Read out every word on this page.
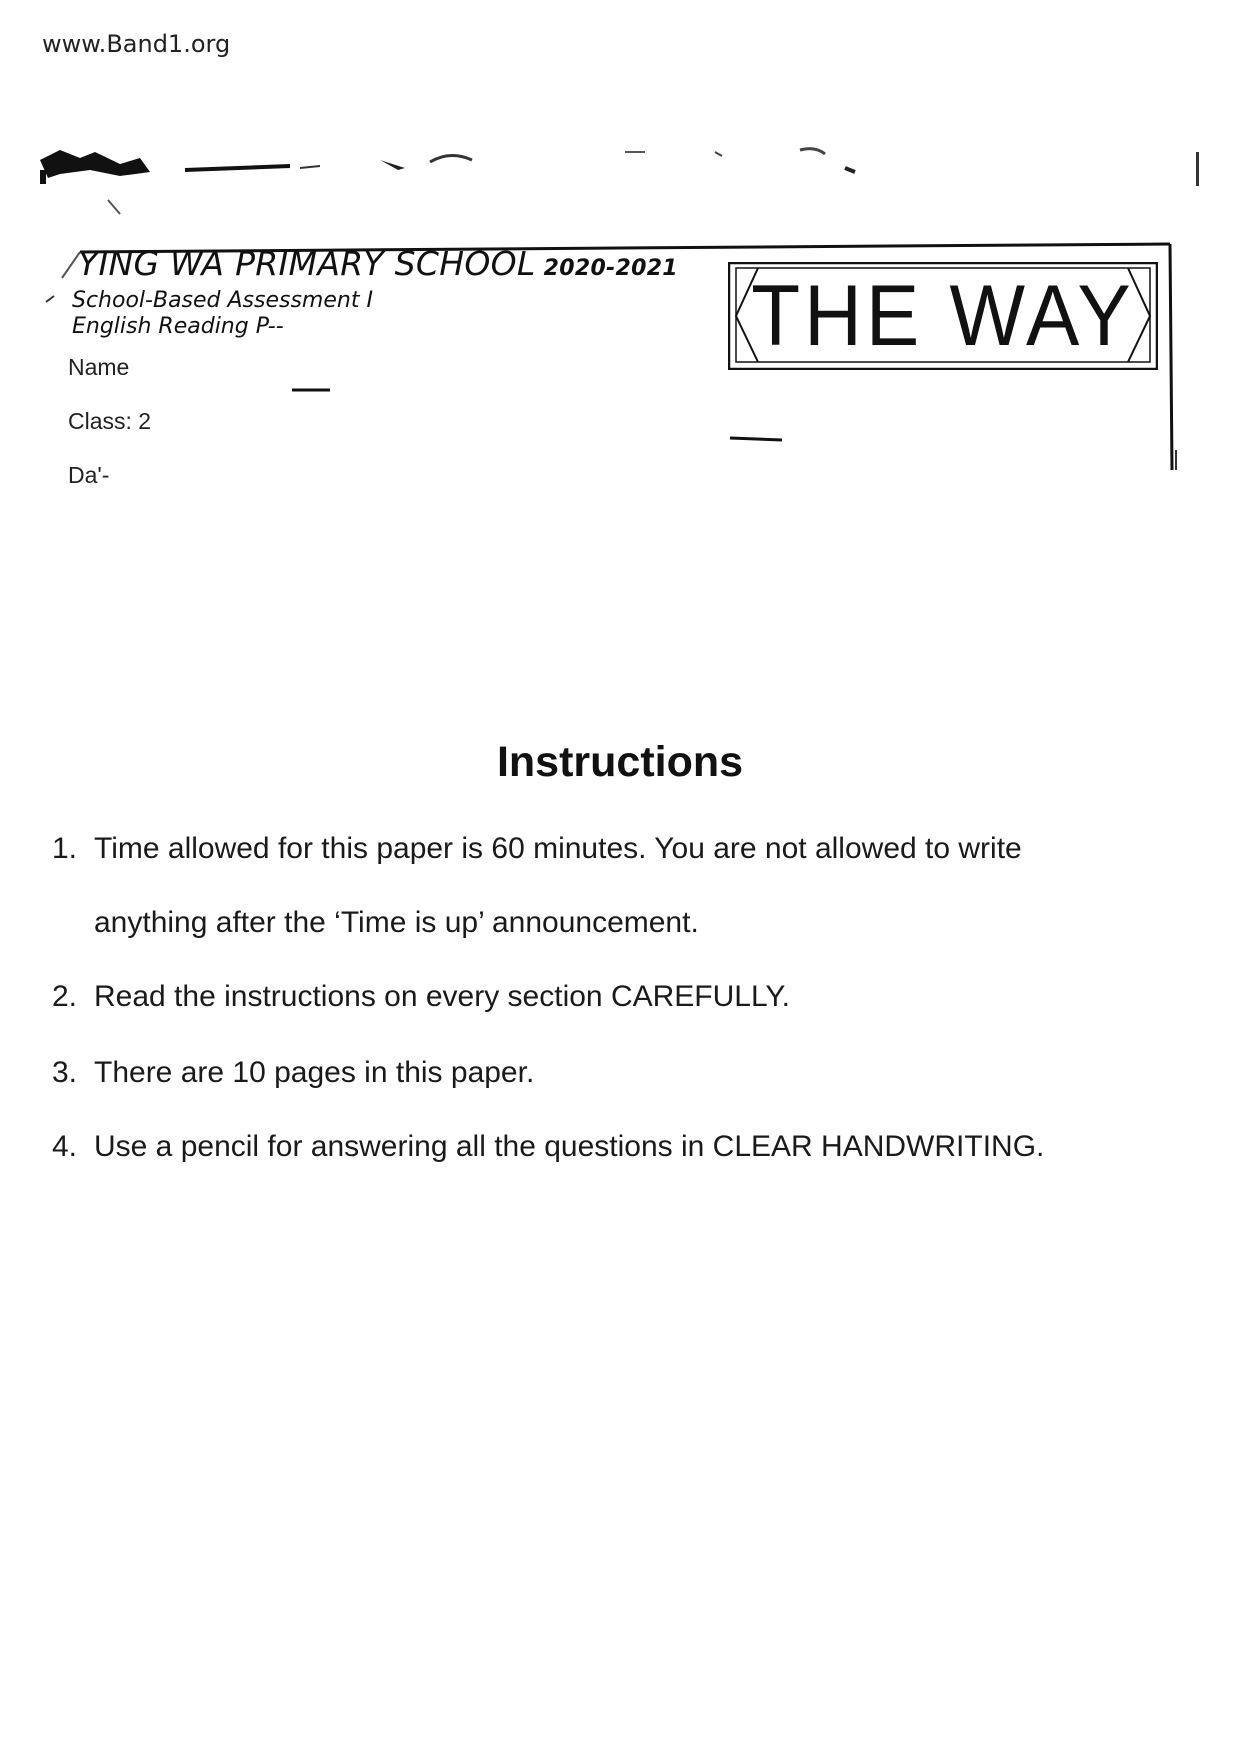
www.Band1.org
YING WA PRIMARY SCHOOL 2020-2021
School-Based Assessment I
English Reading P--
Name
Class: 2
Da'-
THE WAY
Instructions
1. Time allowed for this paper is 60 minutes. You are not allowed to write
anything after the ‘Time is up’ announcement.
2. Read the instructions on every section CAREFULLY.
3. There are 10 pages in this paper.
4. Use a pencil for answering all the questions in CLEAR HANDWRITING.
